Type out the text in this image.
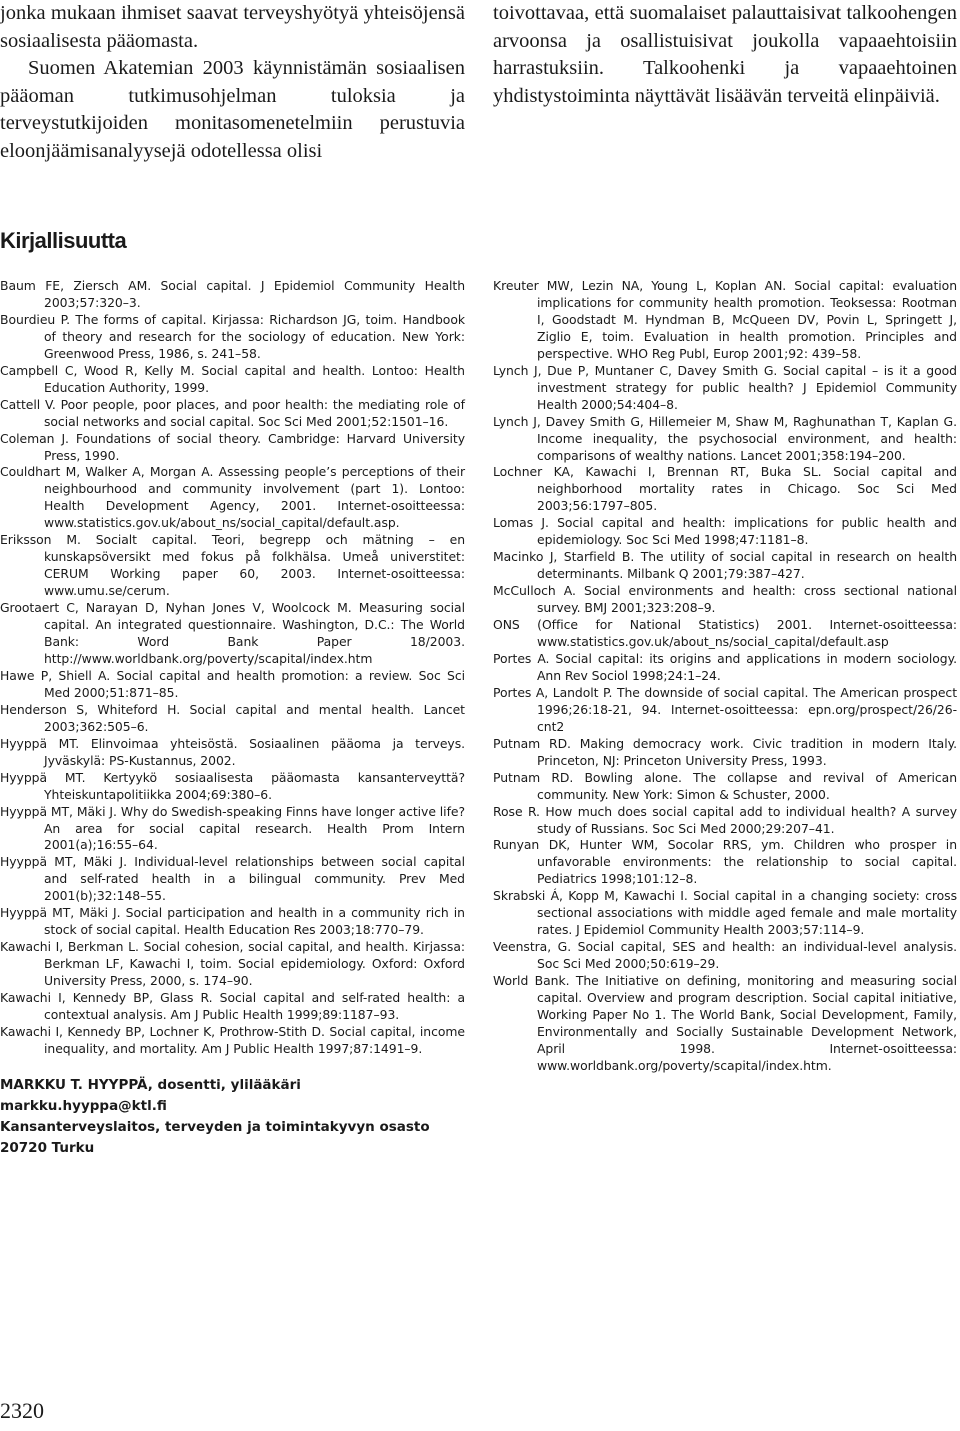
jonka mukaan ihmiset saavat terveyshyötyä yhteisöjensä sosiaalisesta pääomasta.

Suomen Akatemian 2003 käynnistämän sosiaalisen pääoman tutkimusohjelman tuloksia ja terveystutkijoiden monitasomenetelmiin perustuvia eloonjäämisanalyysejä odotellessa olisi

toivottavaa, että suomalaiset palauttaisivat talkoohengen arvoonsa ja osallistuisivat joukolla vapaaehtoisiin harrastuksiin. Talkoohenki ja vapaaehtoinen yhdistystoiminta näyttävät lisäävän terveitä elinpäiviä.

Kirjallisuutta

Baum FE, Ziersch AM. Social capital. J Epidemiol Community Health 2003;57:320–3.

Bourdieu P. The forms of capital. Kirjassa: Richardson JG, toim. Handbook of theory and research for the sociology of education. New York: Greenwood Press, 1986, s. 241–58.

Campbell C, Wood R, Kelly M. Social capital and health. Lontoo: Health Education Authority, 1999.

Cattell V. Poor people, poor places, and poor health: the mediating role of social networks and social capital. Soc Sci Med 2001;52:1501–16.

Coleman J. Foundations of social theory. Cambridge: Harvard University Press, 1990.

Couldhart M, Walker A, Morgan A. Assessing people’s perceptions of their neighbourhood and community involvement (part 1). Lontoo: Health Development Agency, 2001. Internet-osoitteessa: www.statistics.gov.uk/about_ns/social_capital/default.asp.

Eriksson M. Socialt capital. Teori, begrepp och mätning – en kunskapsöversikt med fokus på folkhälsa. Umeå universtitet: CERUM Working paper 60, 2003. Internet-osoitteessa: www.umu.se/cerum.

Grootaert C, Narayan D, Nyhan Jones V, Woolcock M. Measuring social capital. An integrated questionnaire. Washington, D.C.: The World Bank: Word Bank Paper 18/2003. http://www.worldbank.org/poverty/scapital/index.htm

Hawe P, Shiell A. Social capital and health promotion: a review. Soc Sci Med 2000;51:871–85.

Henderson S, Whiteford H. Social capital and mental health. Lancet 2003;362:505–6.

Hyyppä MT. Elinvoimaa yhteisöstä. Sosiaalinen pääoma ja terveys. Jyväskylä: PS-Kustannus, 2002.

Hyyppä MT. Kertyykö sosiaalisesta pääomasta kansanterveyttä? Yhteiskuntapolitiikka 2004;69:380–6.

Hyyppä MT, Mäki J. Why do Swedish-speaking Finns have longer active life? An area for social capital research. Health Prom Intern 2001(a);16:55–64.

Hyyppä MT, Mäki J. Individual-level relationships between social capital and self-rated health in a bilingual community. Prev Med 2001(b);32:148–55.

Hyyppä MT, Mäki J. Social participation and health in a community rich in stock of social capital. Health Education Res 2003;18:770–79.

Kawachi I, Berkman L. Social cohesion, social capital, and health. Kirjassa: Berkman LF, Kawachi I, toim. Social epidemiology. Oxford: Oxford University Press, 2000, s. 174–90.

Kawachi I, Kennedy BP, Glass R. Social capital and self-rated health: a contextual analysis. Am J Public Health 1999;89:1187–93.

Kawachi I, Kennedy BP, Lochner K, Prothrow-Stith D. Social capital, income inequality, and mortality. Am J Public Health 1997;87:1491–9.

Kreuter MW, Lezin NA, Young L, Koplan AN. Social capital: evaluation implications for community health promotion. Teoksessa: Rootman I, Goodstadt M. Hyndman B, McQueen DV, Povin L, Springett J, Ziglio E, toim. Evaluation in health promotion. Principles and perspective. WHO Reg Publ, Europ 2001;92: 439–58.

Lynch J, Due P, Muntaner C, Davey Smith G. Social capital – is it a good investment strategy for public health? J Epidemiol Community Health 2000;54:404–8.

Lynch J, Davey Smith G, Hillemeier M, Shaw M, Raghunathan T, Kaplan G. Income inequality, the psychosocial environment, and health: comparisons of wealthy nations. Lancet 2001;358:194–200.

Lochner KA, Kawachi I, Brennan RT, Buka SL. Social capital and neighborhood mortality rates in Chicago. Soc Sci Med 2003;56:1797–805.

Lomas J. Social capital and health: implications for public health and epidemiology. Soc Sci Med 1998;47:1181–8.

Macinko J, Starfield B. The utility of social capital in research on health determinants. Milbank Q 2001;79:387–427.

McCulloch A. Social environments and health: cross sectional national survey. BMJ 2001;323:208–9.

ONS (Office for National Statistics) 2001. Internet-osoitteessa: www.statistics.gov.uk/about_ns/social_capital/default.asp

Portes A. Social capital: its origins and applications in modern sociology. Ann Rev Sociol 1998;24:1–24.

Portes A, Landolt P. The downside of social capital. The American prospect 1996;26:18-21, 94. Internet-osoitteessa: epn.org/prospect/26/26-cnt2

Putnam RD. Making democracy work. Civic tradition in modern Italy. Princeton, NJ: Princeton University Press, 1993.

Putnam RD. Bowling alone. The collapse and revival of American community. New York: Simon & Schuster, 2000.

Rose R. How much does social capital add to individual health? A survey study of Russians. Soc Sci Med 2000;29:207–41.

Runyan DK, Hunter WM, Socolar RRS, ym. Children who prosper in unfavorable environments: the relationship to social capital. Pediatrics 1998;101:12–8.

Skrabski Á, Kopp M, Kawachi I. Social capital in a changing society: cross sectional associations with middle aged female and male mortality rates. J Epidemiol Community Health 2003;57:114–9.

Veenstra, G. Social capital, SES and health: an individual-level analysis. Soc Sci Med 2000;50:619–29.

World Bank. The Initiative on defining, monitoring and measuring social capital. Overview and program description. Social capital initiative, Working Paper No 1. The World Bank, Social Development, Family, Environmentally and Socially Sustainable Development Network, April 1998. Internet-osoitteessa: www.worldbank.org/poverty/scapital/index.htm.

MARKKU T. HYYPPÄ, dosentti, ylilääkäri
markku.hyyppa@ktl.fi
Kansanterveyslaitos, terveyden ja toimintakyvyn osasto
20720 Turku
2320
